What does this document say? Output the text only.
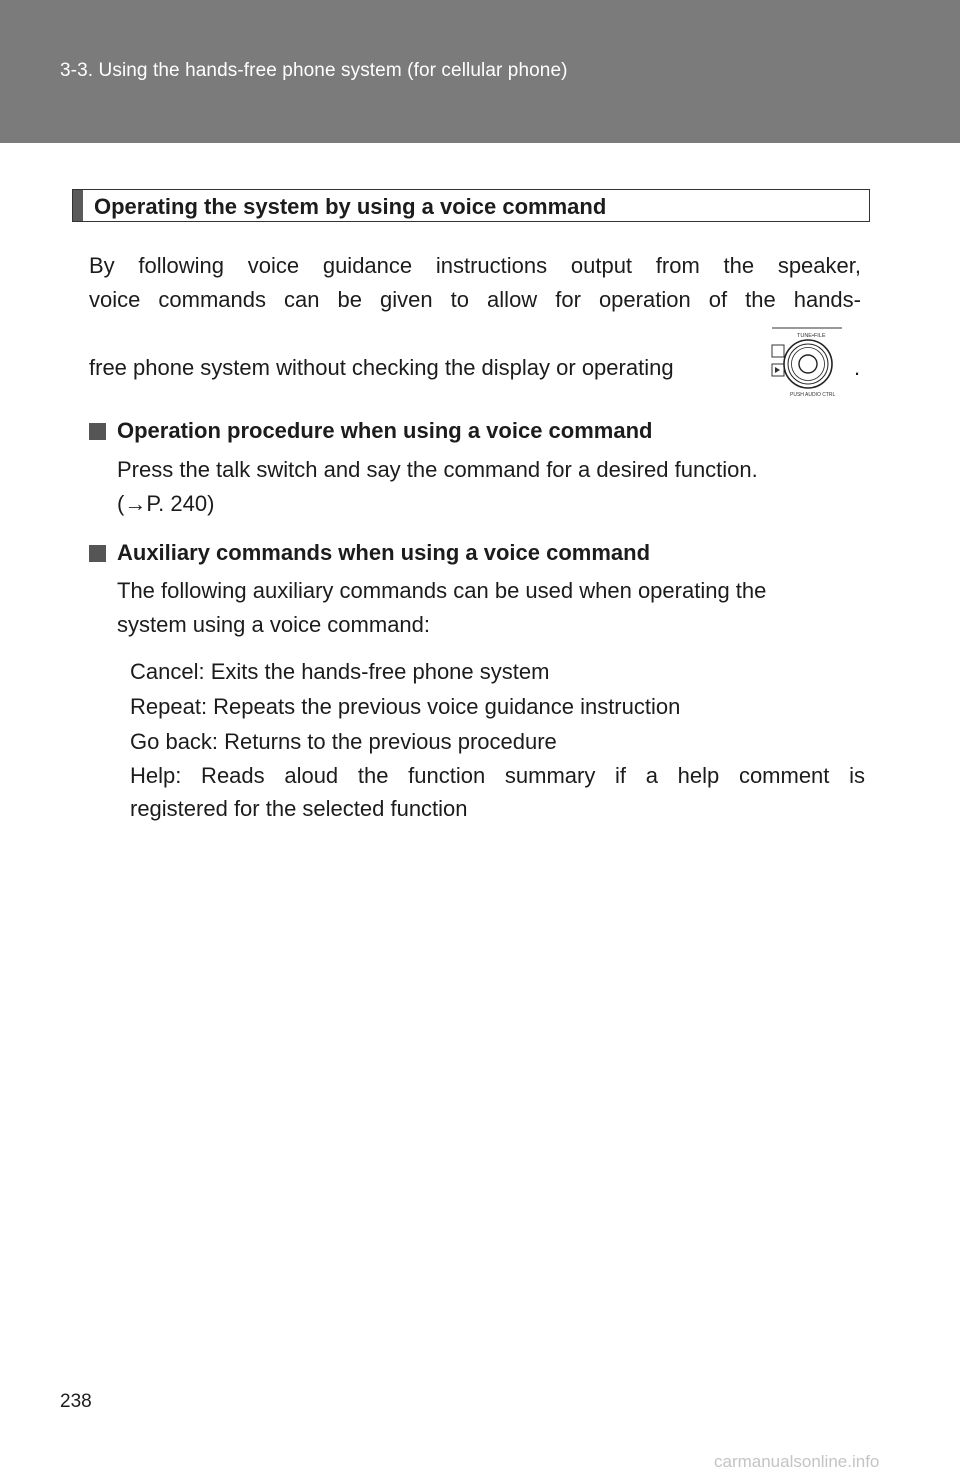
3-3. Using the hands-free phone system (for cellular phone)
Operating the system by using a voice command
By following voice guidance instructions output from the speaker,
voice commands can be given to allow for operation of the hands-
free phone system without checking the display or operating
TUNE•FILE
PUSH AUDIO CTRL
.
Operation procedure when using a voice command
Press the talk switch and say the command for a desired function.
(→P. 240)
Auxiliary commands when using a voice command
The following auxiliary commands can be used when operating the
system using a voice command:
Cancel: Exits the hands-free phone system
Repeat: Repeats the previous voice guidance instruction
Go back: Returns to the previous procedure
Help: Reads aloud the function summary if a help comment is
registered for the selected function
238
carmanualsonline.info
